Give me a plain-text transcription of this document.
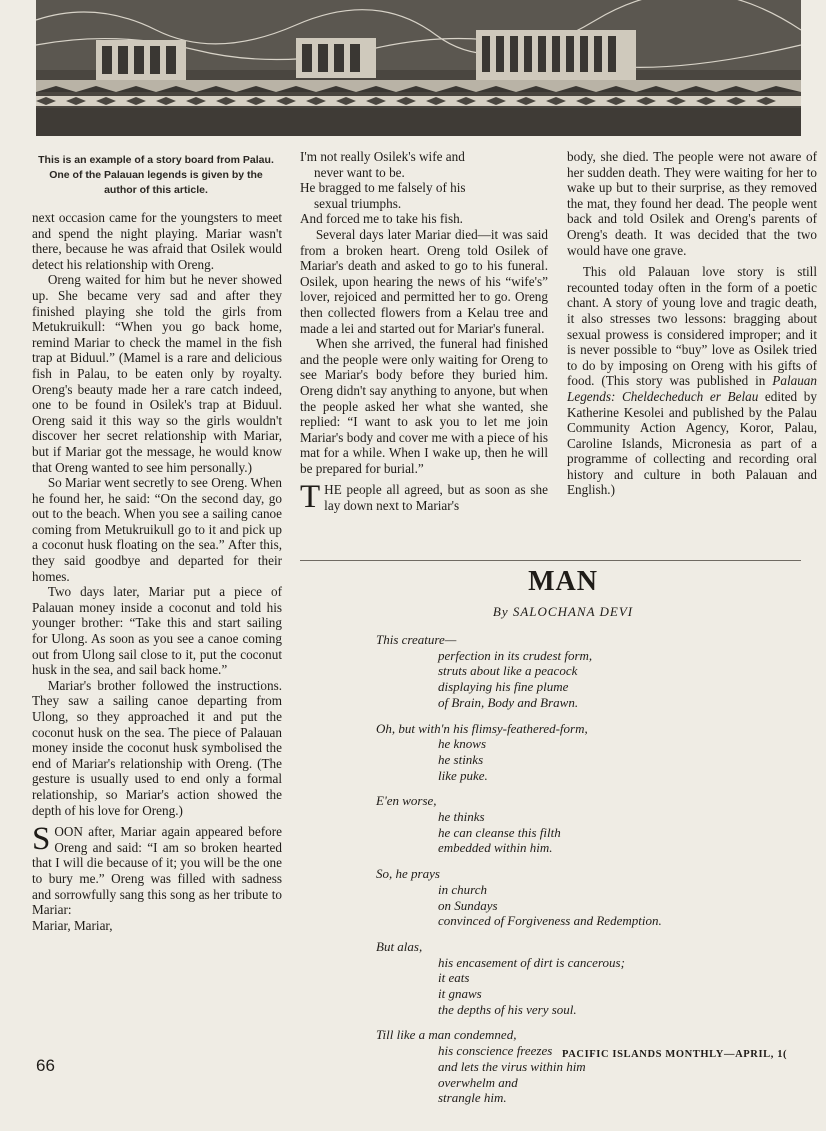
This is an example of a story board from Palau. One of the Palauan legends is given by the author of this article.

next occasion came for the youngsters to meet and spend the night playing. Mariar wasn't there, because he was afraid that Osilek would detect his relationship with Oreng.

Oreng waited for him but he never showed up. She became very sad and after they finished playing she told the girls from Metukruikull: “When you go back home, remind Mariar to check the mamel in the fish trap at Biduul.” (Mamel is a rare and delicious fish in Palau, to be eaten only by royalty. Oreng's beauty made her a rare catch indeed, one to be found in Osilek's trap at Biduul. Oreng said it this way so the girls wouldn't discover her secret relationship with Mariar, but if Mariar got the message, he would know that Oreng wanted to see him personally.)

So Mariar went secretly to see Oreng. When he found her, he said: “On the second day, go out to the beach. When you see a sailing canoe coming from Metukruikull go to it and pick up a coconut husk floating on the sea.” After this, they said goodbye and departed for their homes.

Two days later, Mariar put a piece of Palauan money inside a coconut and told his younger brother: “Take this and start sailing for Ulong. As soon as you see a canoe coming out from Ulong sail close to it, put the coconut husk in the sea, and sail back home.”

Mariar's brother followed the instructions. They saw a sailing canoe departing from Ulong, so they approached it and put the coconut husk on the sea. The piece of Palauan money inside the coconut husk symbolised the end of Mariar's relationship with Oreng. (The gesture is usually used to end only a formal relationship, so Mariar's action showed the depth of his love for Oreng.)

SOON after, Mariar again appeared before Oreng and said: “I am so broken hearted that I will die because of it; you will be the one to bury me.” Oreng was filled with sadness and sorrowfully sang this song as her tribute to Mariar:

Mariar, Mariar,

I'm not really Osilek's wife and

never want to be.

He bragged to me falsely of his

sexual triumphs.

And forced me to take his fish.

Several days later Mariar died—it was said from a broken heart. Oreng told Osilek of Mariar's death and asked to go to his funeral. Osilek, upon hearing the news of his “wife's” lover, rejoiced and permitted her to go. Oreng then collected flowers from a Kelau tree and made a lei and started out for Mariar's funeral.

When she arrived, the funeral had finished and the people were only waiting for Oreng to see Mariar's body before they buried him. Oreng didn't say anything to anyone, but when the people asked her what she wanted, she replied: “I want to ask you to let me join Mariar's body and cover me with a piece of his mat for a while. When I wake up, then he will be prepared for burial.”

THE people all agreed, but as soon as she lay down next to Mariar's

body, she died. The people were not aware of her sudden death. They were waiting for her to wake up but to their surprise, as they removed the mat, they found her dead. The people went back and told Osilek and Oreng's parents of Oreng's death. It was decided that the two would have one grave.

This old Palauan love story is still recounted today often in the form of a poetic chant. A story of young love and tragic death, it also stresses two lessons: bragging about sexual prowess is considered improper; and it is never possible to “buy” love as Osilek tried to do by imposing on Oreng with his gifts of food. (This story was published in Palauan Legends: Cheldecheduch er Belau edited by Katherine Kesolei and published by the Palau Community Action Agency, Koror, Palau, Caroline Islands, Micronesia as part of a programme of collecting and recording oral history and culture in both Palauan and English.)

MAN
By SALOCHANA DEVI

This creature—

perfection in its crudest form,

struts about like a peacock

displaying his fine plume

of Brain, Body and Brawn.

Oh, but with'n his flimsy-feathered-form,

he knows

he stinks

like puke.

E'en worse,

he thinks

he can cleanse this filth

embedded within him.

So, he prays

in church

on Sundays

convinced of Forgiveness and Redemption.

But alas,

his encasement of dirt is cancerous;

it eats

it gnaws

the depths of his very soul.

Till like a man condemned,

his conscience freezes

and lets the virus within him

overwhelm and

strangle him.

66
PACIFIC ISLANDS MONTHLY—APRIL, 1(
